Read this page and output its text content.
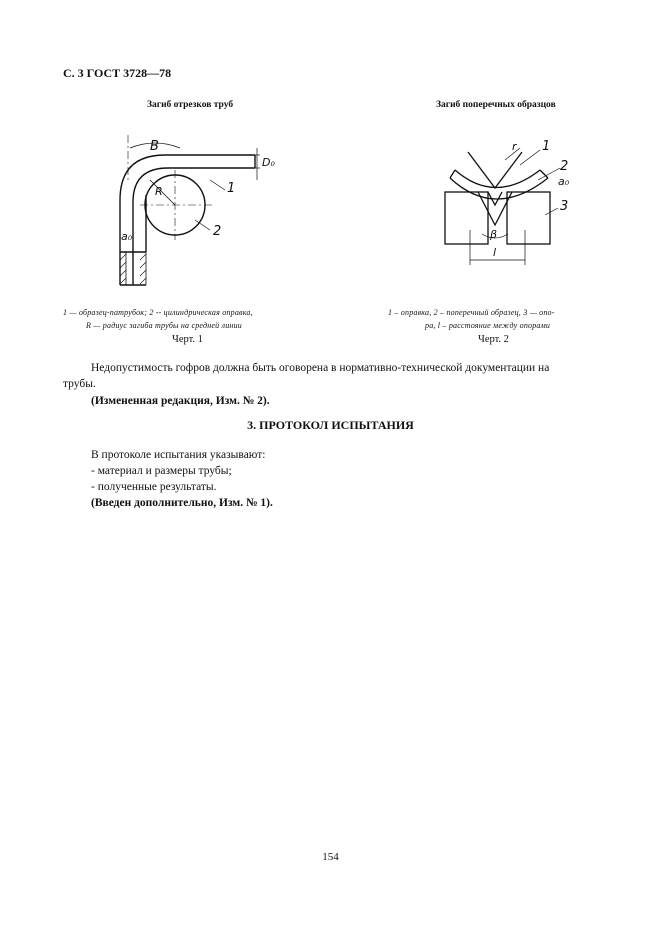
С. 3 ГОСТ 3728—78
Загиб отрезков труб
B
R
D₀
1
2
a₀
1 — образец-патрубок; 2 -- цилиндрическая оправка,
R — радиус загиба трубы на средней линии
Черт. 1
Загиб поперечных образцов
r 1
2
a₀
3
β
l
1 – оправка, 2 – поперечный образец, 3 — опо-
ра, l – расстояние между опорами
Черт. 2
Недопустимость гофров должна быть оговорена в нормативно-технической документации на
трубы.
(Измененная редакция, Изм. № 2).
3. ПРОТОКОЛ ИСПЫТАНИЯ
В протоколе испытания указывают:
- материал и размеры трубы;
- полученные результаты.
(Введен дополнительно, Изм. № 1).
154
